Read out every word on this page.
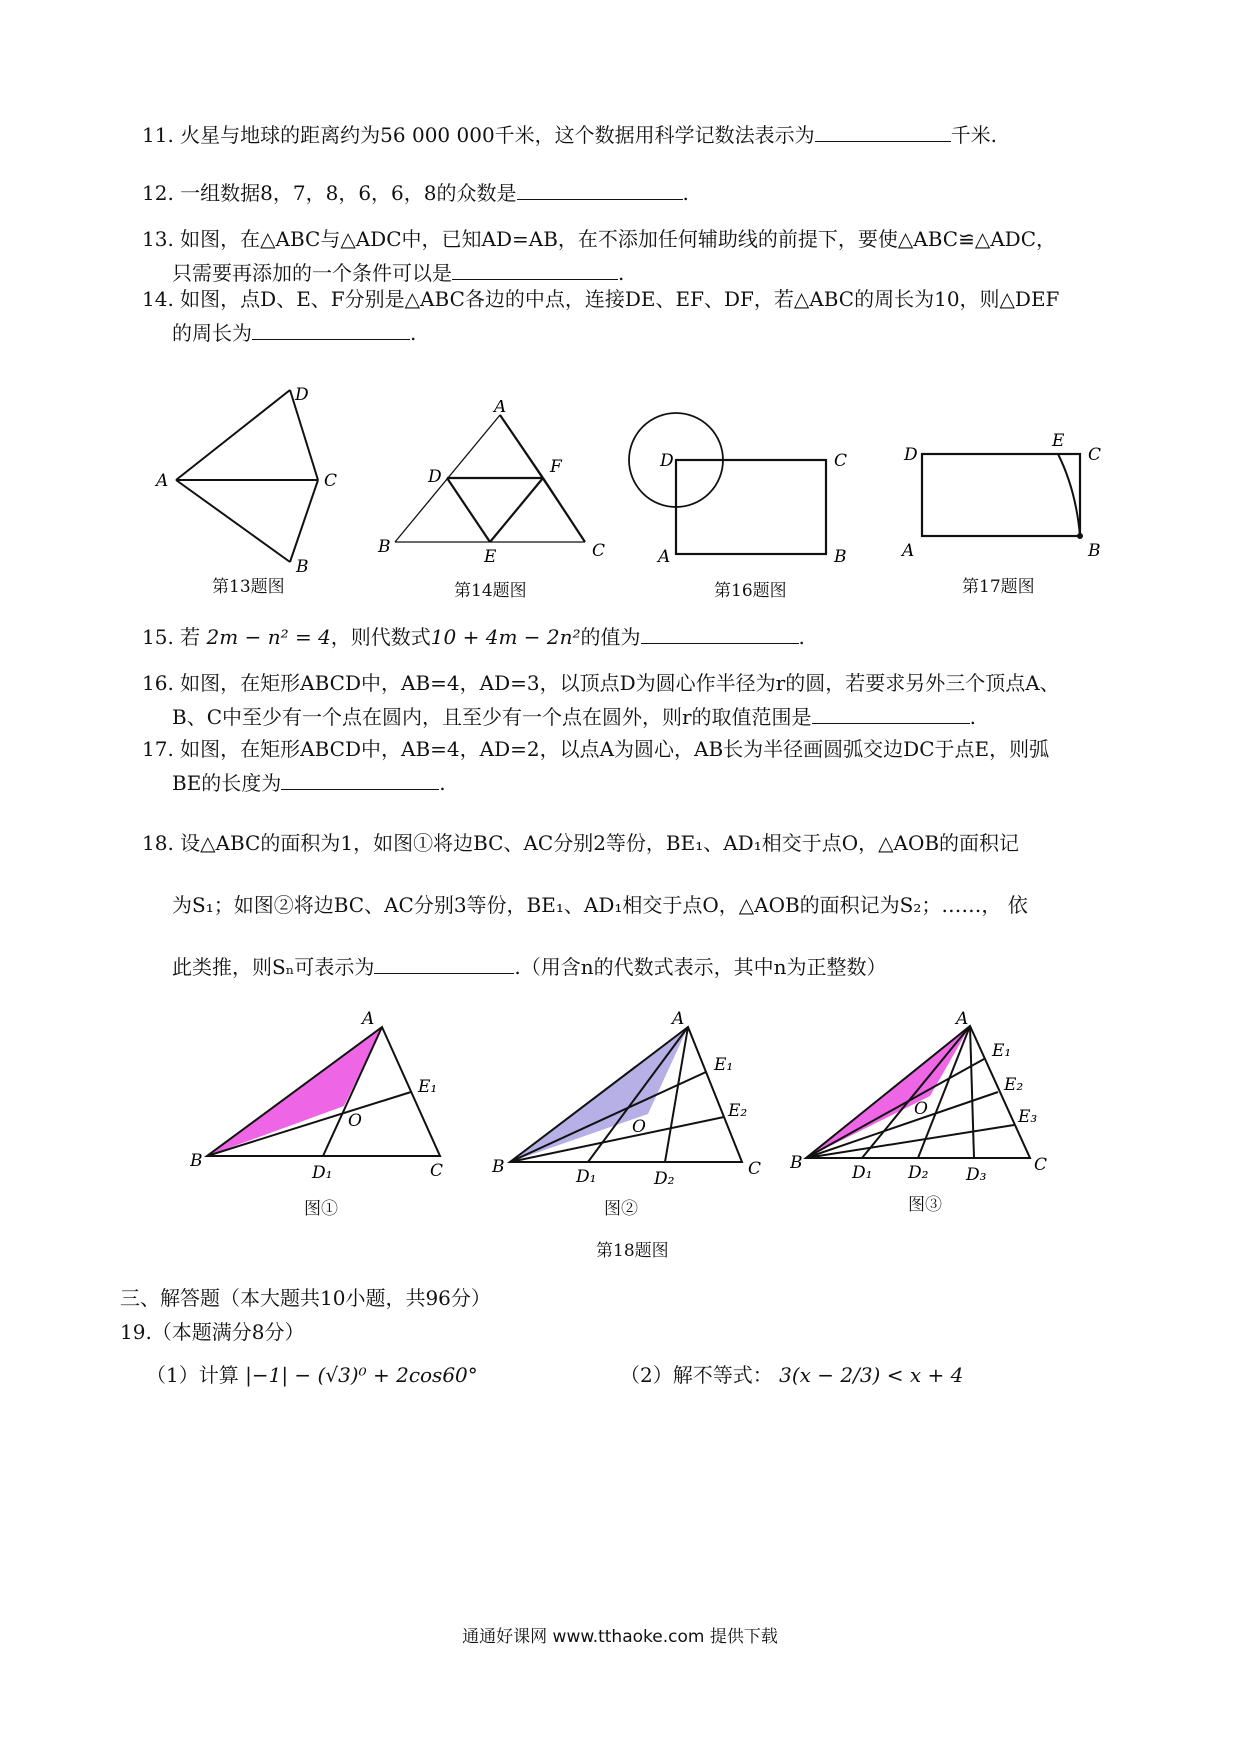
11. 火星与地球的距离约为56 000 000千米，这个数据用科学记数法表示为	千米.
12. 一组数据8，7，8，6，6，8的众数是	.
13. 如图，在△ABC与△ADC中，已知AD=AB，在不添加任何辅助线的前提下，要使△ABC≌△ADC，
只需要再添加的一个条件可以是	.
14. 如图，点D、E、F分别是△ABC各边的中点，连接DE、EF、DF，若△ABC的周长为10，则△DEF
的周长为	.
A
D
C
B
第13题图
A
D	F
B	E	C
第14题图
D	C
A	B
第16题图
D
E
C
A	B
第17题图
15. 若 2m − n² = 4，则代数式10 + 4m − 2n²的值为	.
16. 如图，在矩形ABCD中，AB=4，AD=3，以顶点D为圆心作半径为r的圆，若要求另外三个顶点A、
B、C中至少有一个点在圆内，且至少有一个点在圆外，则r的取值范围是	.
17. 如图，在矩形ABCD中，AB=4，AD=2，以点A为圆心，AB长为半径画圆弧交边DC于点E，则弧
BE的长度为	.
18. 设△ABC的面积为1，如图①将边BC、AC分别2等份，BE₁、AD₁相交于点O，△AOB的面积记
为S₁；如图②将边BC、AC分别3等份，BE₁、AD₁相交于点O，△AOB的面积记为S₂；……， 依
此类推，则Sₙ可表示为	.（用含n的代数式表示，其中n为正整数）
A
B	C
O
D₁
E₁
图①
A
B	C
O
D₁	D₂
E₁
E₂
图②
A
B	C
O
D₁ D₂ D₃
E₁
E₂
E₃
图③
第18题图
三、解答题（本大题共10小题，共96分）
19.（本题满分8分）
（1）计算 |−1| − (√3)⁰ + 2cos60°	（2）解不等式： 3(x − 2/3) < x + 4
通通好课网 www.tthaoke.com 提供下载
